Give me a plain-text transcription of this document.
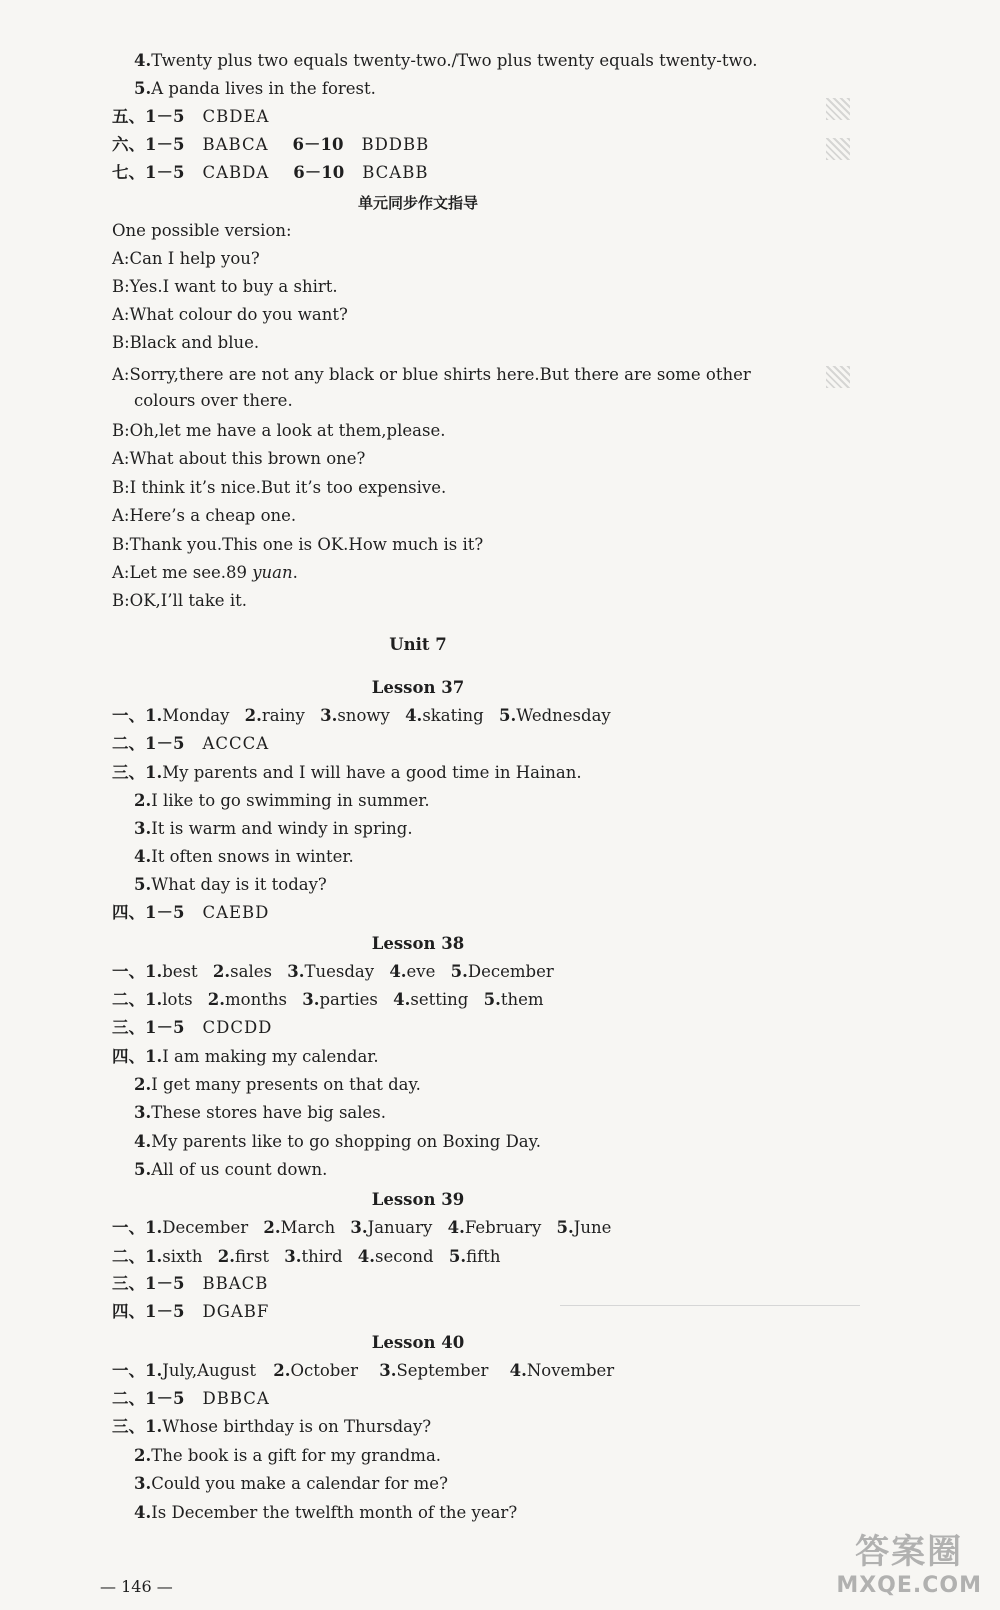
4.Twenty plus two equals twenty-two./Two plus twenty equals twenty-two.
5.A panda lives in the forest.
五、1－5 CBDEA
六、1－5 BABCA 6－10 BDDBB
七、1－5 CABDA 6－10 BCABB
单元同步作文指导
One possible version:
A:Can I help you?
B:Yes.I want to buy a shirt.
A:What colour do you want?
B:Black and blue.
A:Sorry,there are not any black or blue shirts here.But there are some other
colours over there.
B:Oh,let me have a look at them,please.
A:What about this brown one?
B:I think it’s nice.But it’s too expensive.
A:Here’s a cheap one.
B:Thank you.This one is OK.How much is it?
A:Let me see.89 yuan.
B:OK,I’ll take it.
Unit 7
Lesson 37
一、1.Monday 2.rainy 3.snowy 4.skating 5.Wednesday
二、1－5 ACCCA
三、1.My parents and I will have a good time in Hainan.
2.I like to go swimming in summer.
3.It is warm and windy in spring.
4.It often snows in winter.
5.What day is it today?
四、1－5 CAEBD
Lesson 38
一、1.best 2.sales 3.Tuesday 4.eve 5.December
二、1.lots 2.months 3.parties 4.setting 5.them
三、1－5 CDCDD
四、1.I am making my calendar.
2.I get many presents on that day.
3.These stores have big sales.
4.My parents like to go shopping on Boxing Day.
5.All of us count down.
Lesson 39
一、1.December 2.March 3.January 4.February 5.June
二、1.sixth 2.first 3.third 4.second 5.fifth
三、1－5 BBACB
四、1－5 DGABF
Lesson 40
一、1.July,August 2.October 3.September 4.November
二、1－5 DBBCA
三、1.Whose birthday is on Thursday?
2.The book is a gift for my grandma.
3.Could you make a calendar for me?
4.Is December the twelfth month of the year?
— 146 —
答案圈
MXQE.COM
